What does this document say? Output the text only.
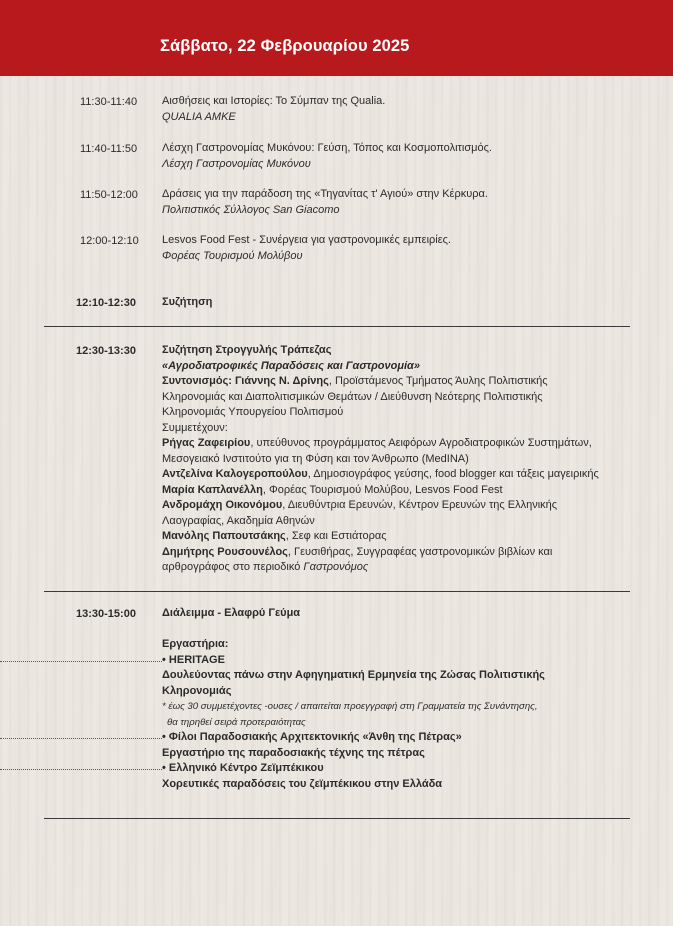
Σάββατο, 22 Φεβρουαρίου 2025
11:30-11:40 Αισθήσεις και Ιστορίες: Το Σύμπαν της Qualia.
QUALIA AMKE
11:40-11:50 Λέσχη Γαστρονομίας Μυκόνου: Γεύση, Τόπος και Κοσμοπολιτισμός.
Λέσχη Γαστρονομίας Μυκόνου
11:50-12:00 Δράσεις για την παράδοση της «Τηγανίτας τ' Αγιού» στην Κέρκυρα.
Πολιτιστικός Σύλλογος San Giacomo
12:00-12:10 Lesvos Food Fest - Συνέργεια για γαστρονομικές εμπειρίες.
Φορέας Τουρισμού Μολύβου
12:10-12:30 Συζήτηση
12:30-13:30 Συζήτηση Στρογγυλής Τράπεζας
«Αγροδιατροφικές Παραδόσεις και Γαστρονομία»
Συντονισμός: Γιάννης Ν. Δρίνης, Προϊστάμενος Τμήματος Άυλης Πολιτιστικής
Κληρονομιάς και Διαπολιτισμικών Θεμάτων / Διεύθυνση Νεότερης Πολιτιστικής
Κληρονομιάς Υπουργείου Πολιτισμού
Συμμετέχουν:
Ρήγας Ζαφειρίου, υπεύθυνος προγράμματος Αειφόρων Αγροδιατροφικών Συστημάτων,
Μεσογειακό Ινστιτούτο για τη Φύση και τον Άνθρωπο (MedINA)
Αντζελίνα Καλογεροπούλου, Δημοσιογράφος γεύσης, food blogger και τάξεις μαγειρικής
Μαρία Καπλανέλλη, Φορέας Τουρισμού Μολύβου, Lesvos Food Fest
Ανδρομάχη Οικονόμου, Διευθύντρια Ερευνών, Κέντρον Ερευνών της Ελληνικής
Λαογραφίας, Ακαδημία Αθηνών
Μανόλης Παπουτσάκης, Σεφ και Εστιάτορας
Δημήτρης Ρουσουνέλος, Γευσιθήρας, Συγγραφέας γαστρονομικών βιβλίων και
αρθρογράφος στο περιοδικό Γαστρονόμος
13:30-15:00 Διάλειμμα - Ελαφρύ Γεύμα
Εργαστήρια:
• HERITAGE
Δουλεύοντας πάνω στην Αφηγηματική Ερμηνεία της Ζώσας Πολιτιστικής
Κληρονομιάς
* έως 30 συμμετέχοντες -ουσες / απαιτείται προεγγραφή στη Γραμματεία της Συνάντησης,
θα τηρηθεί σειρά προτεραιότητας
• Φίλοι Παραδοσιακής Αρχιτεκτονικής «Άνθη της Πέτρας»
Εργαστήριο της παραδοσιακής τέχνης της πέτρας
• Ελληνικό Κέντρο Ζεϊμπέκικου
Χορευτικές παραδόσεις του ζεϊμπέκικου στην Ελλάδα
